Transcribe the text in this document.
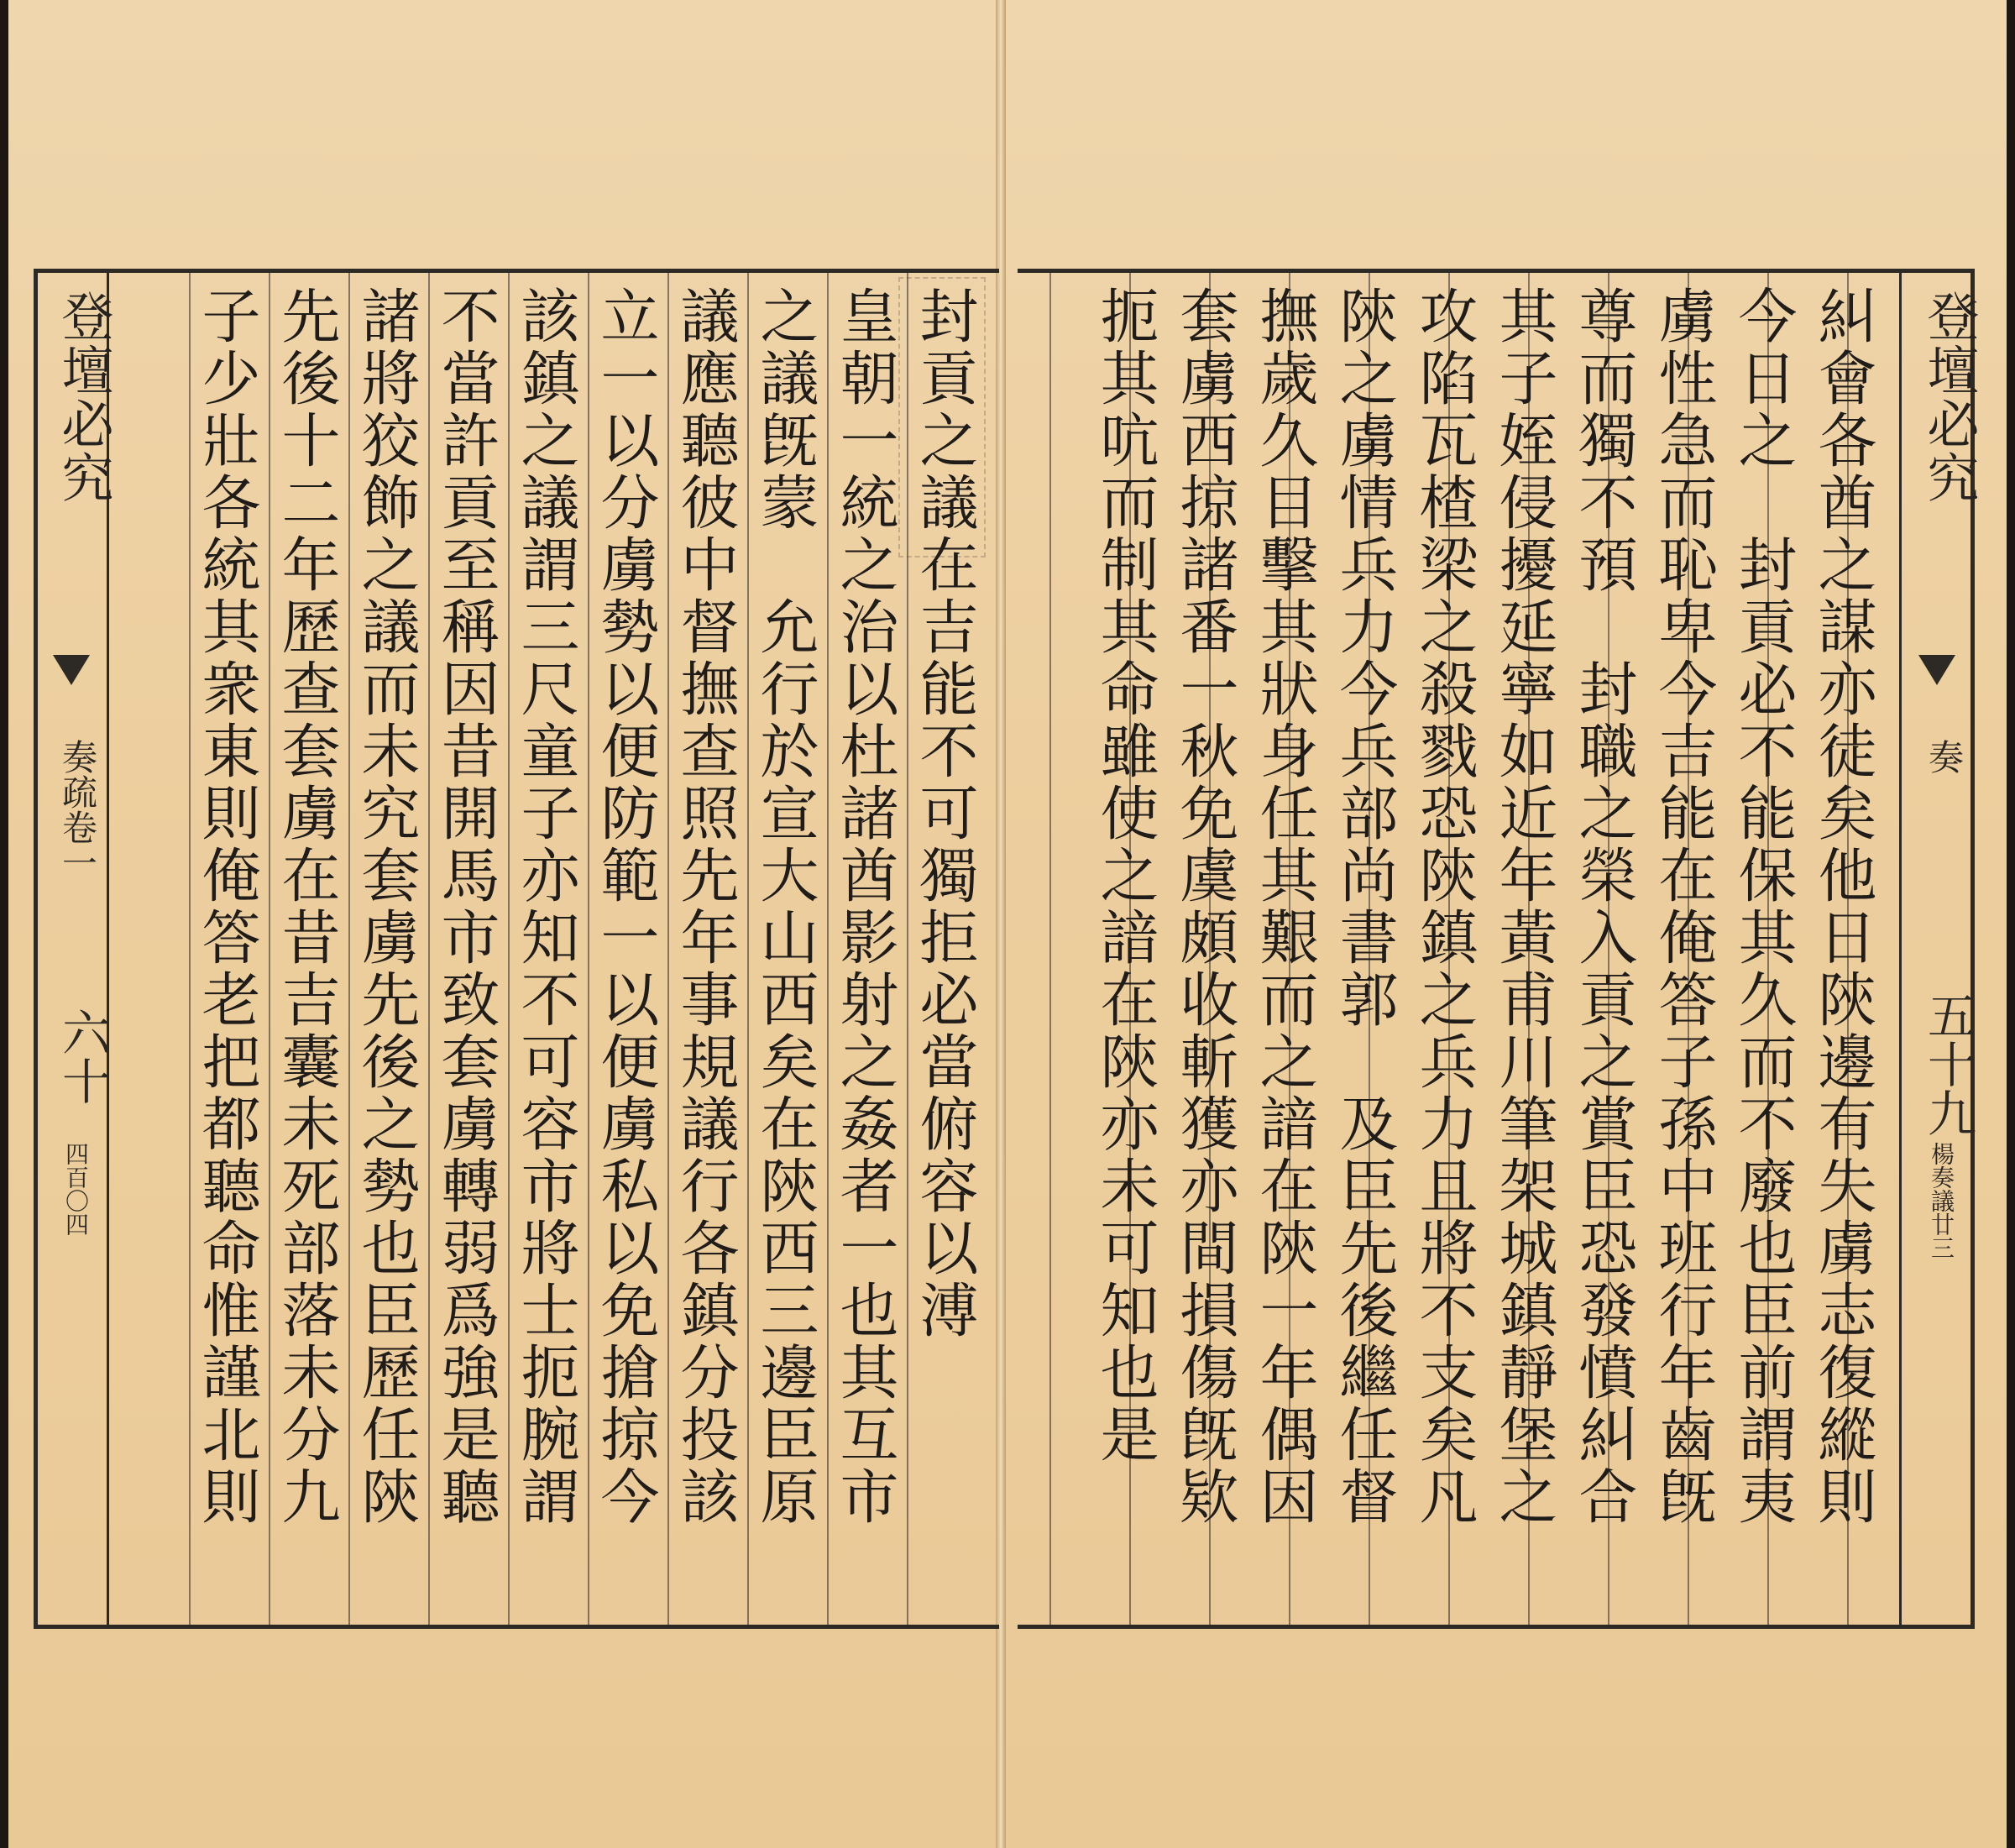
登壇必究
奏疏卷一
六十
四百〇四	封貢之議在吉能不可獨拒必當俯容以溥
皇朝一統之治以杜諸酋影射之姦者一也其互市
之議旣蒙　允行於宣大山西矣在陝西三邊臣原
議應聽彼中督撫查照先年事規議行各鎮分投該
立一以分虜勢以便防範一以便虜私以免搶掠今
該鎮之議謂三尺童子亦知不可容市將士扼腕謂
不當許貢至稱因昔開馬市致套虜轉弱爲強是聽
諸將狡飾之議而未究套虜先後之勢也臣歷任陝
先後十二年歷查套虜在昔吉囊未死部落未分九
子少壯各統其衆東則俺答老把都聽命惟謹北則	糾會各酋之謀亦徒矣他日陝邊有失虜志復縱則
今日之　封貢必不能保其久而不廢也臣前謂夷
虜性急而恥卑今吉能在俺答子孫中班行年齒旣
尊而獨不預　封職之榮入貢之賞臣恐發憤糾合
其子姪侵擾延寧如近年黃甫川筆架城鎮靜堡之
攻陷瓦楂梁之殺戮恐陝鎮之兵力且將不支矣凡
陝之虜情兵力今兵部尚書郭　及臣先後繼任督
撫歲久目擊其狀身任其艱而之諳在陝一年偶因
套虜西掠諸番一秋免虞頗收斬獲亦間損傷旣欵
扼其吭而制其命雖使之諳在陝亦未可知也是	登壇必究
奏
五十九
楊奏議廿三
